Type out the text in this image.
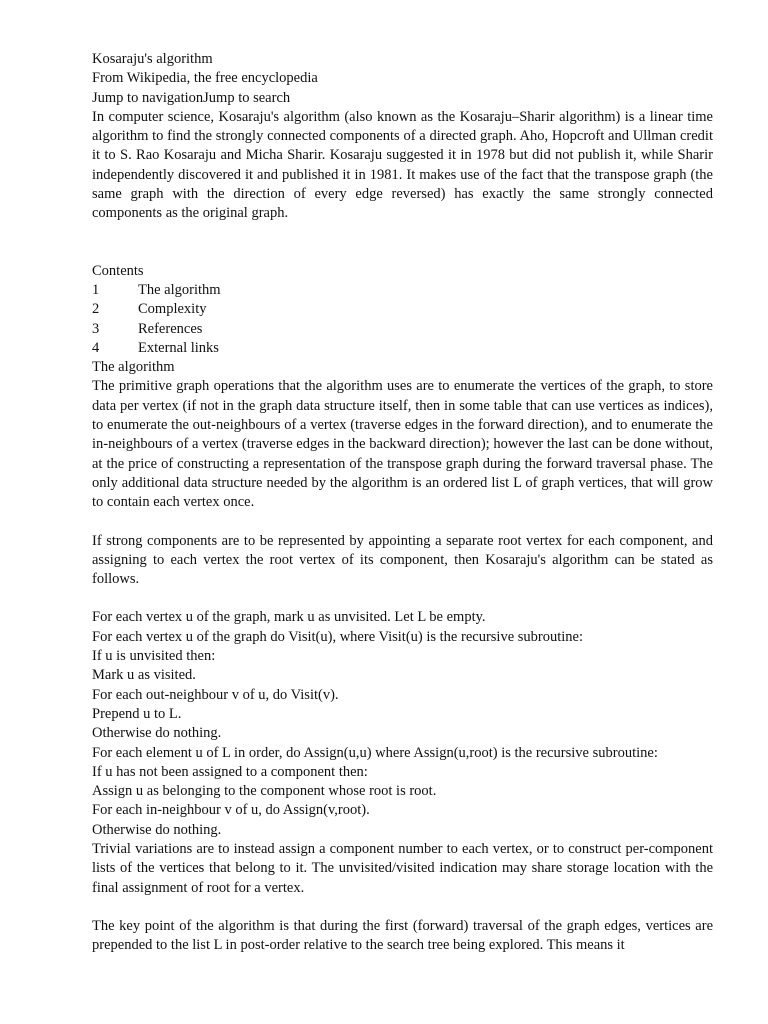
Kosaraju's algorithm
From Wikipedia, the free encyclopedia
Jump to navigationJump to search
In computer science, Kosaraju's algorithm (also known as the Kosaraju–Sharir algorithm) is a linear time algorithm to find the strongly connected components of a directed graph. Aho, Hopcroft and Ullman credit it to S. Rao Kosaraju and Micha Sharir. Kosaraju suggested it in 1978 but did not publish it, while Sharir independently discovered it and published it in 1981. It makes use of the fact that the transpose graph (the same graph with the direction of every edge reversed) has exactly the same strongly connected components as the original graph.
Contents
1	The algorithm
2	Complexity
3	References
4	External links
The algorithm
The primitive graph operations that the algorithm uses are to enumerate the vertices of the graph, to store data per vertex (if not in the graph data structure itself, then in some table that can use vertices as indices), to enumerate the out-neighbours of a vertex (traverse edges in the forward direction), and to enumerate the in-neighbours of a vertex (traverse edges in the backward direction); however the last can be done without, at the price of constructing a representation of the transpose graph during the forward traversal phase. The only additional data structure needed by the algorithm is an ordered list L of graph vertices, that will grow to contain each vertex once.
If strong components are to be represented by appointing a separate root vertex for each component, and assigning to each vertex the root vertex of its component, then Kosaraju's algorithm can be stated as follows.
For each vertex u of the graph, mark u as unvisited. Let L be empty.
For each vertex u of the graph do Visit(u), where Visit(u) is the recursive subroutine:
If u is unvisited then:
Mark u as visited.
For each out-neighbour v of u, do Visit(v).
Prepend u to L.
Otherwise do nothing.
For each element u of L in order, do Assign(u,u) where Assign(u,root) is the recursive subroutine:
If u has not been assigned to a component then:
Assign u as belonging to the component whose root is root.
For each in-neighbour v of u, do Assign(v,root).
Otherwise do nothing.
Trivial variations are to instead assign a component number to each vertex, or to construct per-component lists of the vertices that belong to it. The unvisited/visited indication may share storage location with the final assignment of root for a vertex.
The key point of the algorithm is that during the first (forward) traversal of the graph edges, vertices are prepended to the list L in post-order relative to the search tree being explored. This means it
